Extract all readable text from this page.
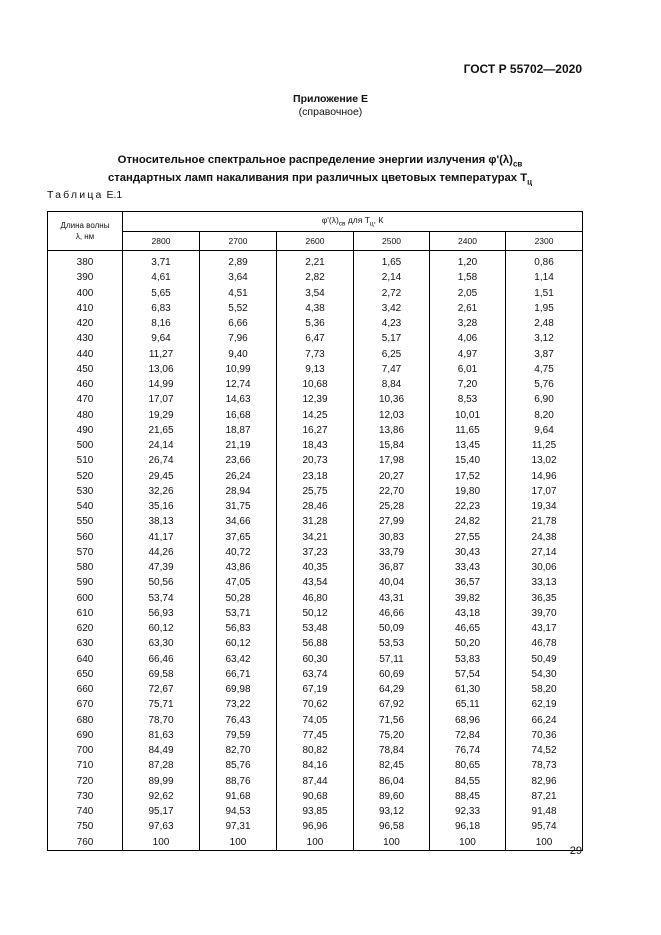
ГОСТ Р 55702—2020
Приложение Е
(справочное)
Относительное спектральное распределение энергии излучения $\varphi'(\lambda)_{св}$
стандартных ламп накаливания при различных цветовых температурах $T_ц$
Таблица Е.1
Длина волны
λ, нм	$\varphi'(\lambda)_{св}$ для $T_ц$, К					
	2800	2700	2600	2500	2400	2300

380	3,71	2,89	2,21	1,65	1,20	0,86
390	4,61	3,64	2,82	2,14	1,58	1,14
400	5,65	4,51	3,54	2,72	2,05	1,51
410	6,83	5,52	4,38	3,42	2,61	1,95
420	8,16	6,66	5,36	4,23	3,28	2,48
430	9,64	7,96	6,47	5,17	4,06	3,12
440	11,27	9,40	7,73	6,25	4,97	3,87
450	13,06	10,99	9,13	7,47	6,01	4,75
460	14,99	12,74	10,68	8,84	7,20	5,76
470	17,07	14,63	12,39	10,36	8,53	6,90
480	19,29	16,68	14,25	12,03	10,01	8,20
490	21,65	18,87	16,27	13,86	11,65	9,64
500	24,14	21,19	18,43	15,84	13,45	11,25
510	26,74	23,66	20,73	17,98	15,40	13,02
520	29,45	26,24	23,18	20,27	17,52	14,96
530	32,26	28,94	25,75	22,70	19,80	17,07
540	35,16	31,75	28,46	25,28	22,23	19,34
550	38,13	34,66	31,28	27,99	24,82	21,78
560	41,17	37,65	34,21	30,83	27,55	24,38
570	44,26	40,72	37,23	33,79	30,43	27,14
580	47,39	43,86	40,35	36,87	33,43	30,06
590	50,56	47,05	43,54	40,04	36,57	33,13
600	53,74	50,28	46,80	43,31	39,82	36,35
610	56,93	53,71	50,12	46,66	43,18	39,70
620	60,12	56,83	53,48	50,09	46,65	43,17
630	63,30	60,12	56,88	53,53	50,20	46,78
640	66,46	63,42	60,30	57,11	53,83	50,49
650	69,58	66,71	63,74	60,69	57,54	54,30
660	72,67	69,98	67,19	64,29	61,30	58,20
670	75,71	73,22	70,62	67,92	65,11	62,19
680	78,70	76,43	74,05	71,56	68,96	66,24
690	81,63	79,59	77,45	75,20	72,84	70,36
700	84,49	82,70	80,82	78,84	76,74	74,52
710	87,28	85,76	84,16	82,45	80,65	78,73
720	89,99	88,76	87,44	86,04	84,55	82,96
730	92,62	91,68	90,68	89,60	88,45	87,21
740	95,17	94,53	93,85	93,12	92,33	91,48
750	97,63	97,31	96,96	96,58	96,18	95,74
760	100	100	100	100	100	100
29
